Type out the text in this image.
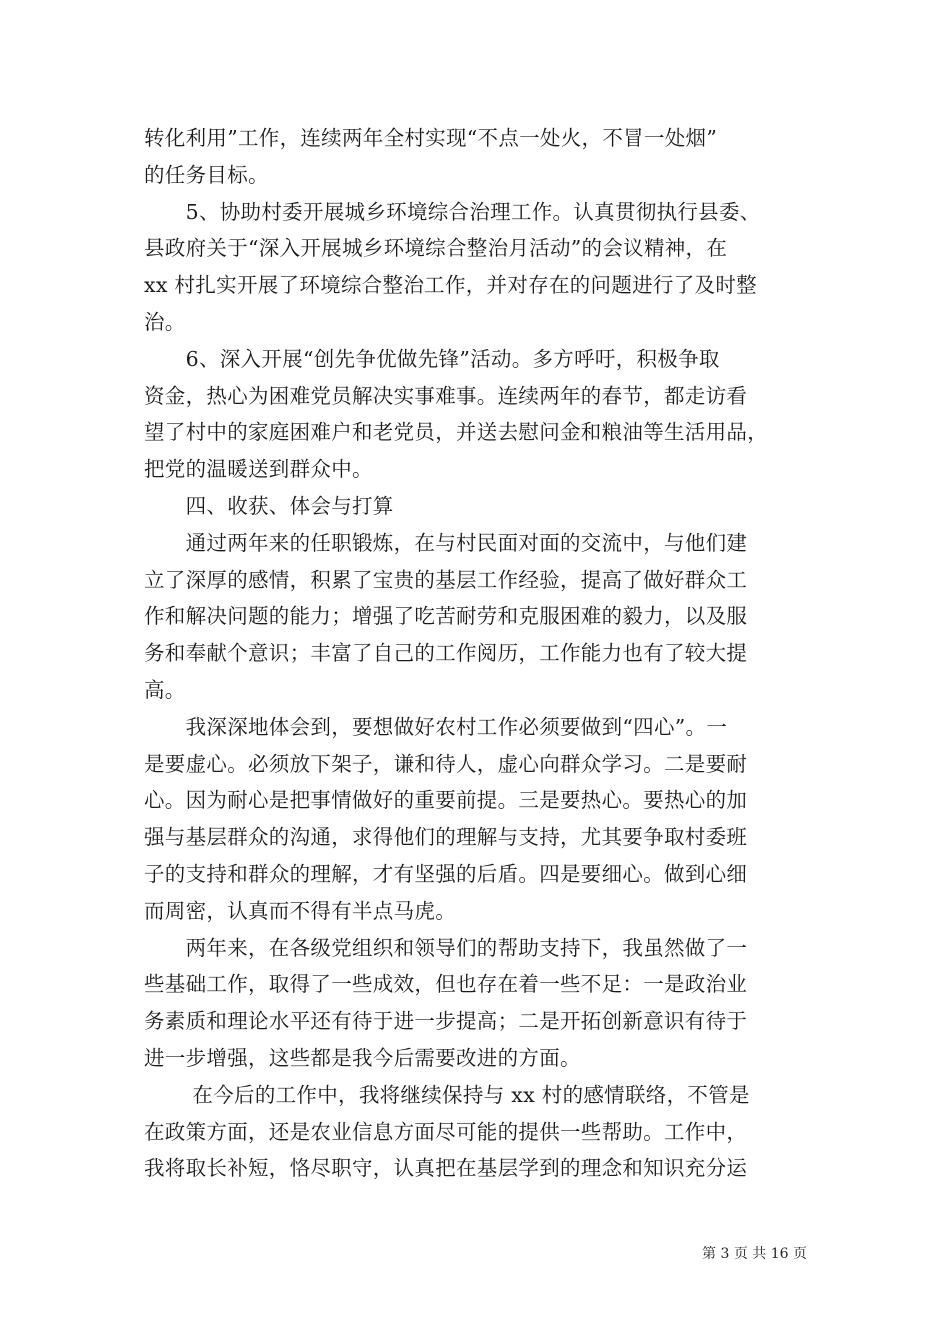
转化利用”工作，连续两年全村实现“不点一处火，不冒一处烟”

的任务目标。

　　5、协助村委开展城乡环境综合治理工作。认真贯彻执行县委、

县政府关于“深入开展城乡环境综合整治月活动”的会议精神，在

xx 村扎实开展了环境综合整治工作，并对存在的问题进行了及时整

治。

　　6、深入开展“创先争优做先锋”活动。多方呼吁，积极争取

资金，热心为困难党员解决实事难事。连续两年的春节，都走访看

望了村中的家庭困难户和老党员，并送去慰问金和粮油等生活用品，

把党的温暖送到群众中。

　　四、收获、体会与打算

　　通过两年来的任职锻炼，在与村民面对面的交流中，与他们建

立了深厚的感情，积累了宝贵的基层工作经验，提高了做好群众工

作和解决问题的能力；增强了吃苦耐劳和克服困难的毅力，以及服

务和奉献个意识；丰富了自己的工作阅历，工作能力也有了较大提

高。

　　我深深地体会到，要想做好农村工作必须要做到“四心”。一

是要虚心。必须放下架子，谦和待人，虚心向群众学习。二是要耐

心。因为耐心是把事情做好的重要前提。三是要热心。要热心的加

强与基层群众的沟通，求得他们的理解与支持，尤其要争取村委班

子的支持和群众的理解，才有坚强的后盾。四是要细心。做到心细

而周密，认真而不得有半点马虎。

　　两年来，在各级党组织和领导们的帮助支持下，我虽然做了一

些基础工作，取得了一些成效，但也存在着一些不足：一是政治业

务素质和理论水平还有待于进一步提高；二是开拓创新意识有待于

进一步增强，这些都是我今后需要改进的方面。

　　 在今后的工作中，我将继续保持与 xx 村的感情联络，不管是

在政策方面，还是农业信息方面尽可能的提供一些帮助。工作中，

我将取长补短，恪尽职守，认真把在基层学到的理念和知识充分运

第 3 页 共 16 页
